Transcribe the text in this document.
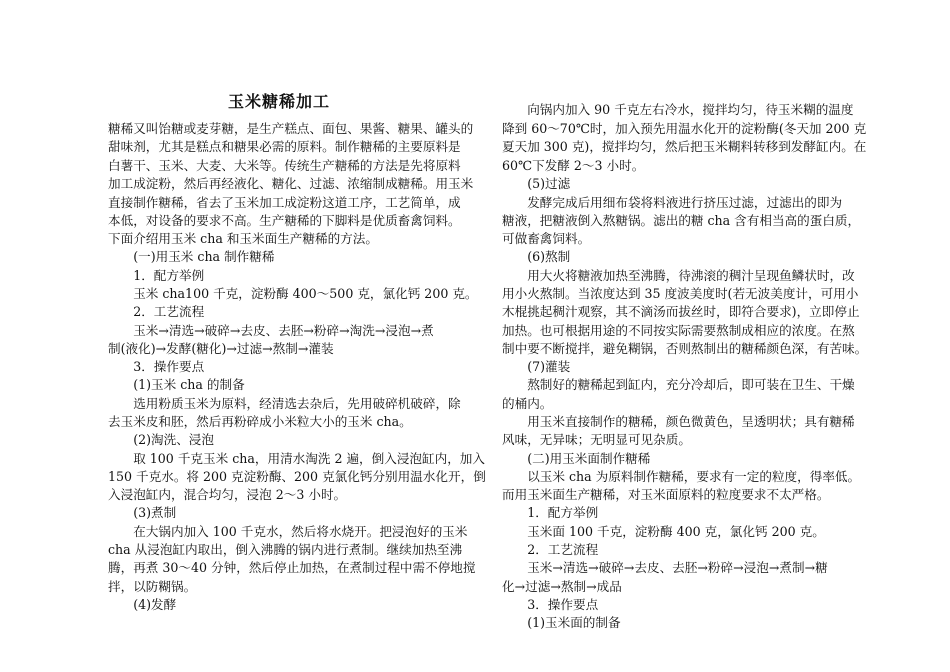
玉米糖稀加工
糖稀又叫饴糖或麦芽糖，是生产糕点、面包、果酱、糖果、罐头的
甜味剂，尤其是糕点和糖果必需的原料。制作糖稀的主要原料是
白薯干、玉米、大麦、大米等。传统生产糖稀的方法是先将原料
加工成淀粉，然后再经液化、糖化、过滤、浓缩制成糖稀。用玉米
直接制作糖稀，省去了玉米加工成淀粉这道工序，工艺简单，成
本低，对设备的要求不高。生产糖稀的下脚料是优质畜禽饲料。
下面介绍用玉米 cha 和玉米面生产糖稀的方法。
　　(一)用玉米 cha 制作糖稀
　　1．配方举例
　　玉米 cha100 千克，淀粉酶 400～500 克，氯化钙 200 克。
　　2．工艺流程
　　玉米→清选→破碎→去皮、去胚→粉碎→淘洗→浸泡→煮
制(液化)→发酵(糖化)→过滤→熬制→灌装
　　3．操作要点
　　(1)玉米 cha 的制备
　　选用粉质玉米为原料，经清选去杂后，先用破碎机破碎，除
去玉米皮和胚，然后再粉碎成小米粒大小的玉米 cha。
　　(2)淘洗、浸泡
　　取 100 千克玉米 cha，用清水淘洗 2 遍，倒入浸泡缸内，加入
150 千克水。将 200 克淀粉酶、200 克氯化钙分别用温水化开，倒
入浸泡缸内，混合均匀，浸泡 2～3 小时。
　　(3)煮制
　　在大锅内加入 100 千克水，然后将水烧开。把浸泡好的玉米
cha 从浸泡缸内取出，倒入沸腾的锅内进行煮制。继续加热至沸
腾，再煮 30～40 分钟，然后停止加热，在煮制过程中需不停地搅
拌，以防糊锅。
　　(4)发酵
　　向锅内加入 90 千克左右冷水，搅拌均匀，待玉米糊的温度
降到 60～70℃时，加入预先用温水化开的淀粉酶(冬天加 200 克
夏天加 300 克)，搅拌均匀，然后把玉米糊料转移到发酵缸内。在
60℃下发酵 2～3 小时。
　　(5)过滤
　　发酵完成后用细布袋将料液进行挤压过滤，过滤出的即为
糖液，把糖液倒入熬糖锅。滤出的糖 cha 含有相当高的蛋白质，
可做畜禽饲料。
　　(6)熬制
　　用大火将糖液加热至沸腾，待沸滚的稠汁呈现鱼鳞状时，改
用小火熬制。当浓度达到 35 度波美度时(若无波美度计，可用小
木棍挑起稠汁观察，其不滴汤而拔丝时，即符合要求)，立即停止
加热。也可根据用途的不同按实际需要熬制成相应的浓度。在熬
制中要不断搅拌，避免糊锅，否则熬制出的糖稀颜色深，有苦味。
　　(7)灌装
　　熬制好的糖稀起到缸内，充分冷却后，即可装在卫生、干燥
的桶内。
　　用玉米直接制作的糖稀，颜色微黄色，呈透明状；具有糖稀
风味，无异味；无明显可见杂质。
　　(二)用玉米面制作糖稀
　　以玉米 cha 为原料制作糖稀，要求有一定的粒度，得率低。
而用玉米面生产糖稀，对玉米面原料的粒度要求不太严格。
　　1．配方举例
　　玉米面 100 千克，淀粉酶 400 克，氯化钙 200 克。
　　2．工艺流程
　　玉米→清选→破碎→去皮、去胚→粉碎→浸泡→煮制→糖
化→过滤→熬制→成品
　　3．操作要点
　　(1)玉米面的制备
